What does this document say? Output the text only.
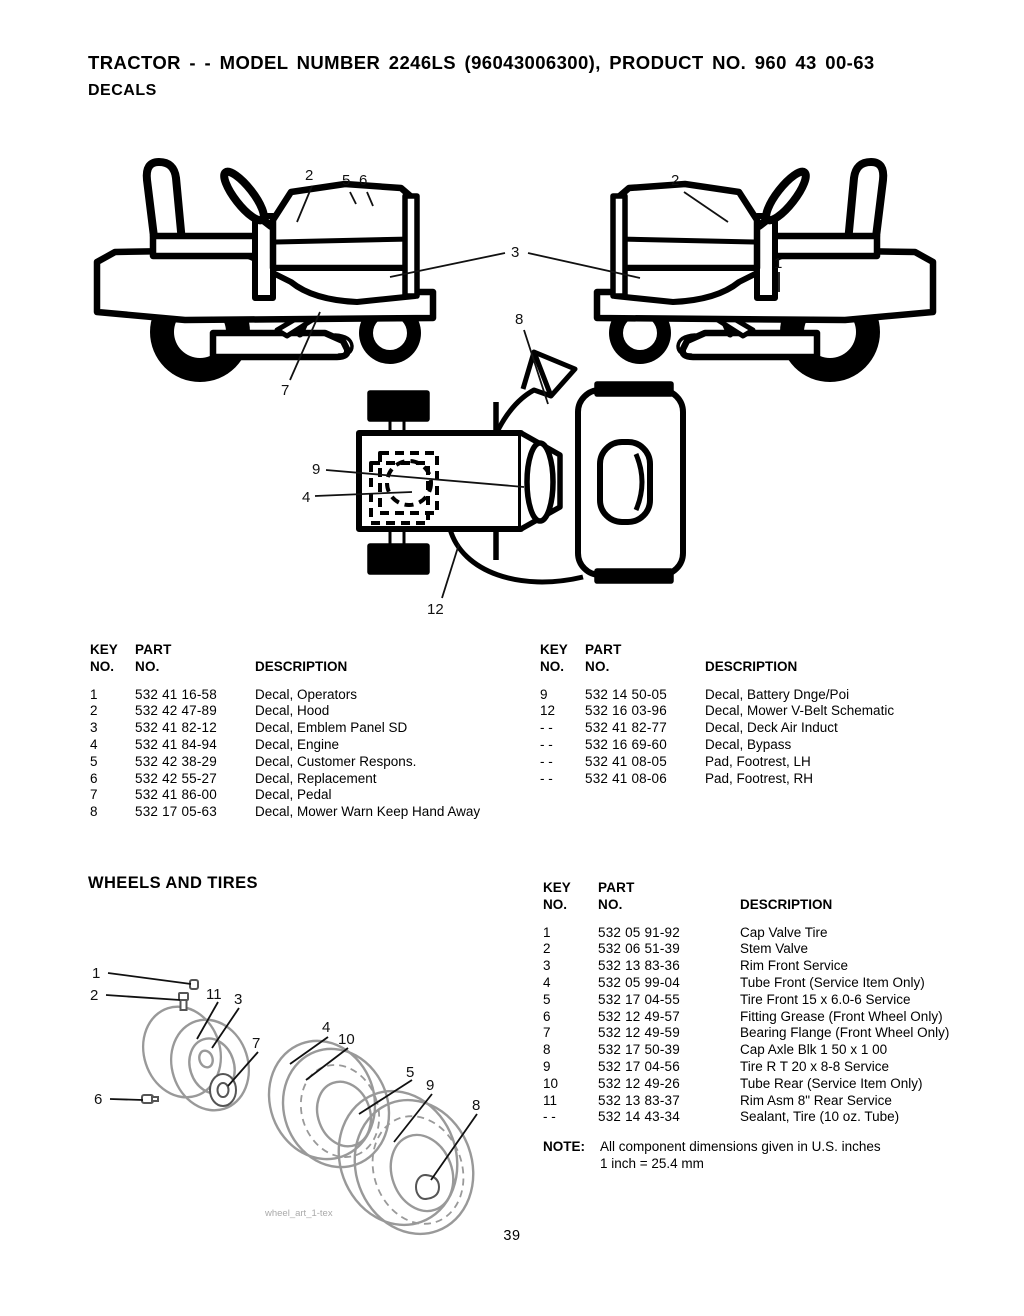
TRACTOR - - MODEL NUMBER 2246LS (96043006300), PRODUCT NO. 960 43 00-63
DECALS
2 5 6
3
2
1
7
8
9
4
12
KEY	PART
NO.	NO.	DESCRIPTION
1	532 41 16-58	Decal, Operators
2	532 42 47-89	Decal, Hood
3	532 41 82-12	Decal, Emblem Panel SD
4	532 41 84-94	Decal, Engine
5	532 42 38-29	Decal, Customer Respons.
6	532 42 55-27	Decal, Replacement
7	532 41 86-00	Decal, Pedal
8	532 17 05-63	Decal, Mower Warn Keep Hand Away
KEY	PART
NO.	NO.	DESCRIPTION
9	532 14 50-05	Decal, Battery Dnge/Poi
12	532 16 03-96	Decal, Mower V-Belt Schematic
- -	532 41 82-77	Decal, Deck Air Induct
- -	532 16 69-60	Decal, Bypass
- -	532 41 08-05	Pad, Footrest, LH
- -	532 41 08-06	Pad, Footrest, RH
WHEELS AND TIRES
1
2	11 3
7
6
4
10
5
9
8
wheel_art_1-tex
KEY	PART
NO.	NO.	DESCRIPTION
1	532 05 91-92	Cap Valve Tire
2	532 06 51-39	Stem Valve
3	532 13 83-36	Rim Front Service
4	532 05 99-04	Tube Front (Service Item Only)
5	532 17 04-55	Tire Front 15 x 6.0-6 Service
6	532 12 49-57	Fitting Grease (Front Wheel Only)
7	532 12 49-59	Bearing Flange (Front Wheel Only)
8	532 17 50-39	Cap Axle Blk 1 50 x 1 00
9	532 17 04-56	Tire R T 20 x 8-8 Service
10	532 12 49-26	Tube Rear (Service Item Only)
11	532 13 83-37	Rim Asm 8" Rear Service
- -	532 14 43-34	Sealant, Tire (10 oz. Tube)
NOTE:	All component dimensions given in U.S. inches
1 inch = 25.4 mm
39
